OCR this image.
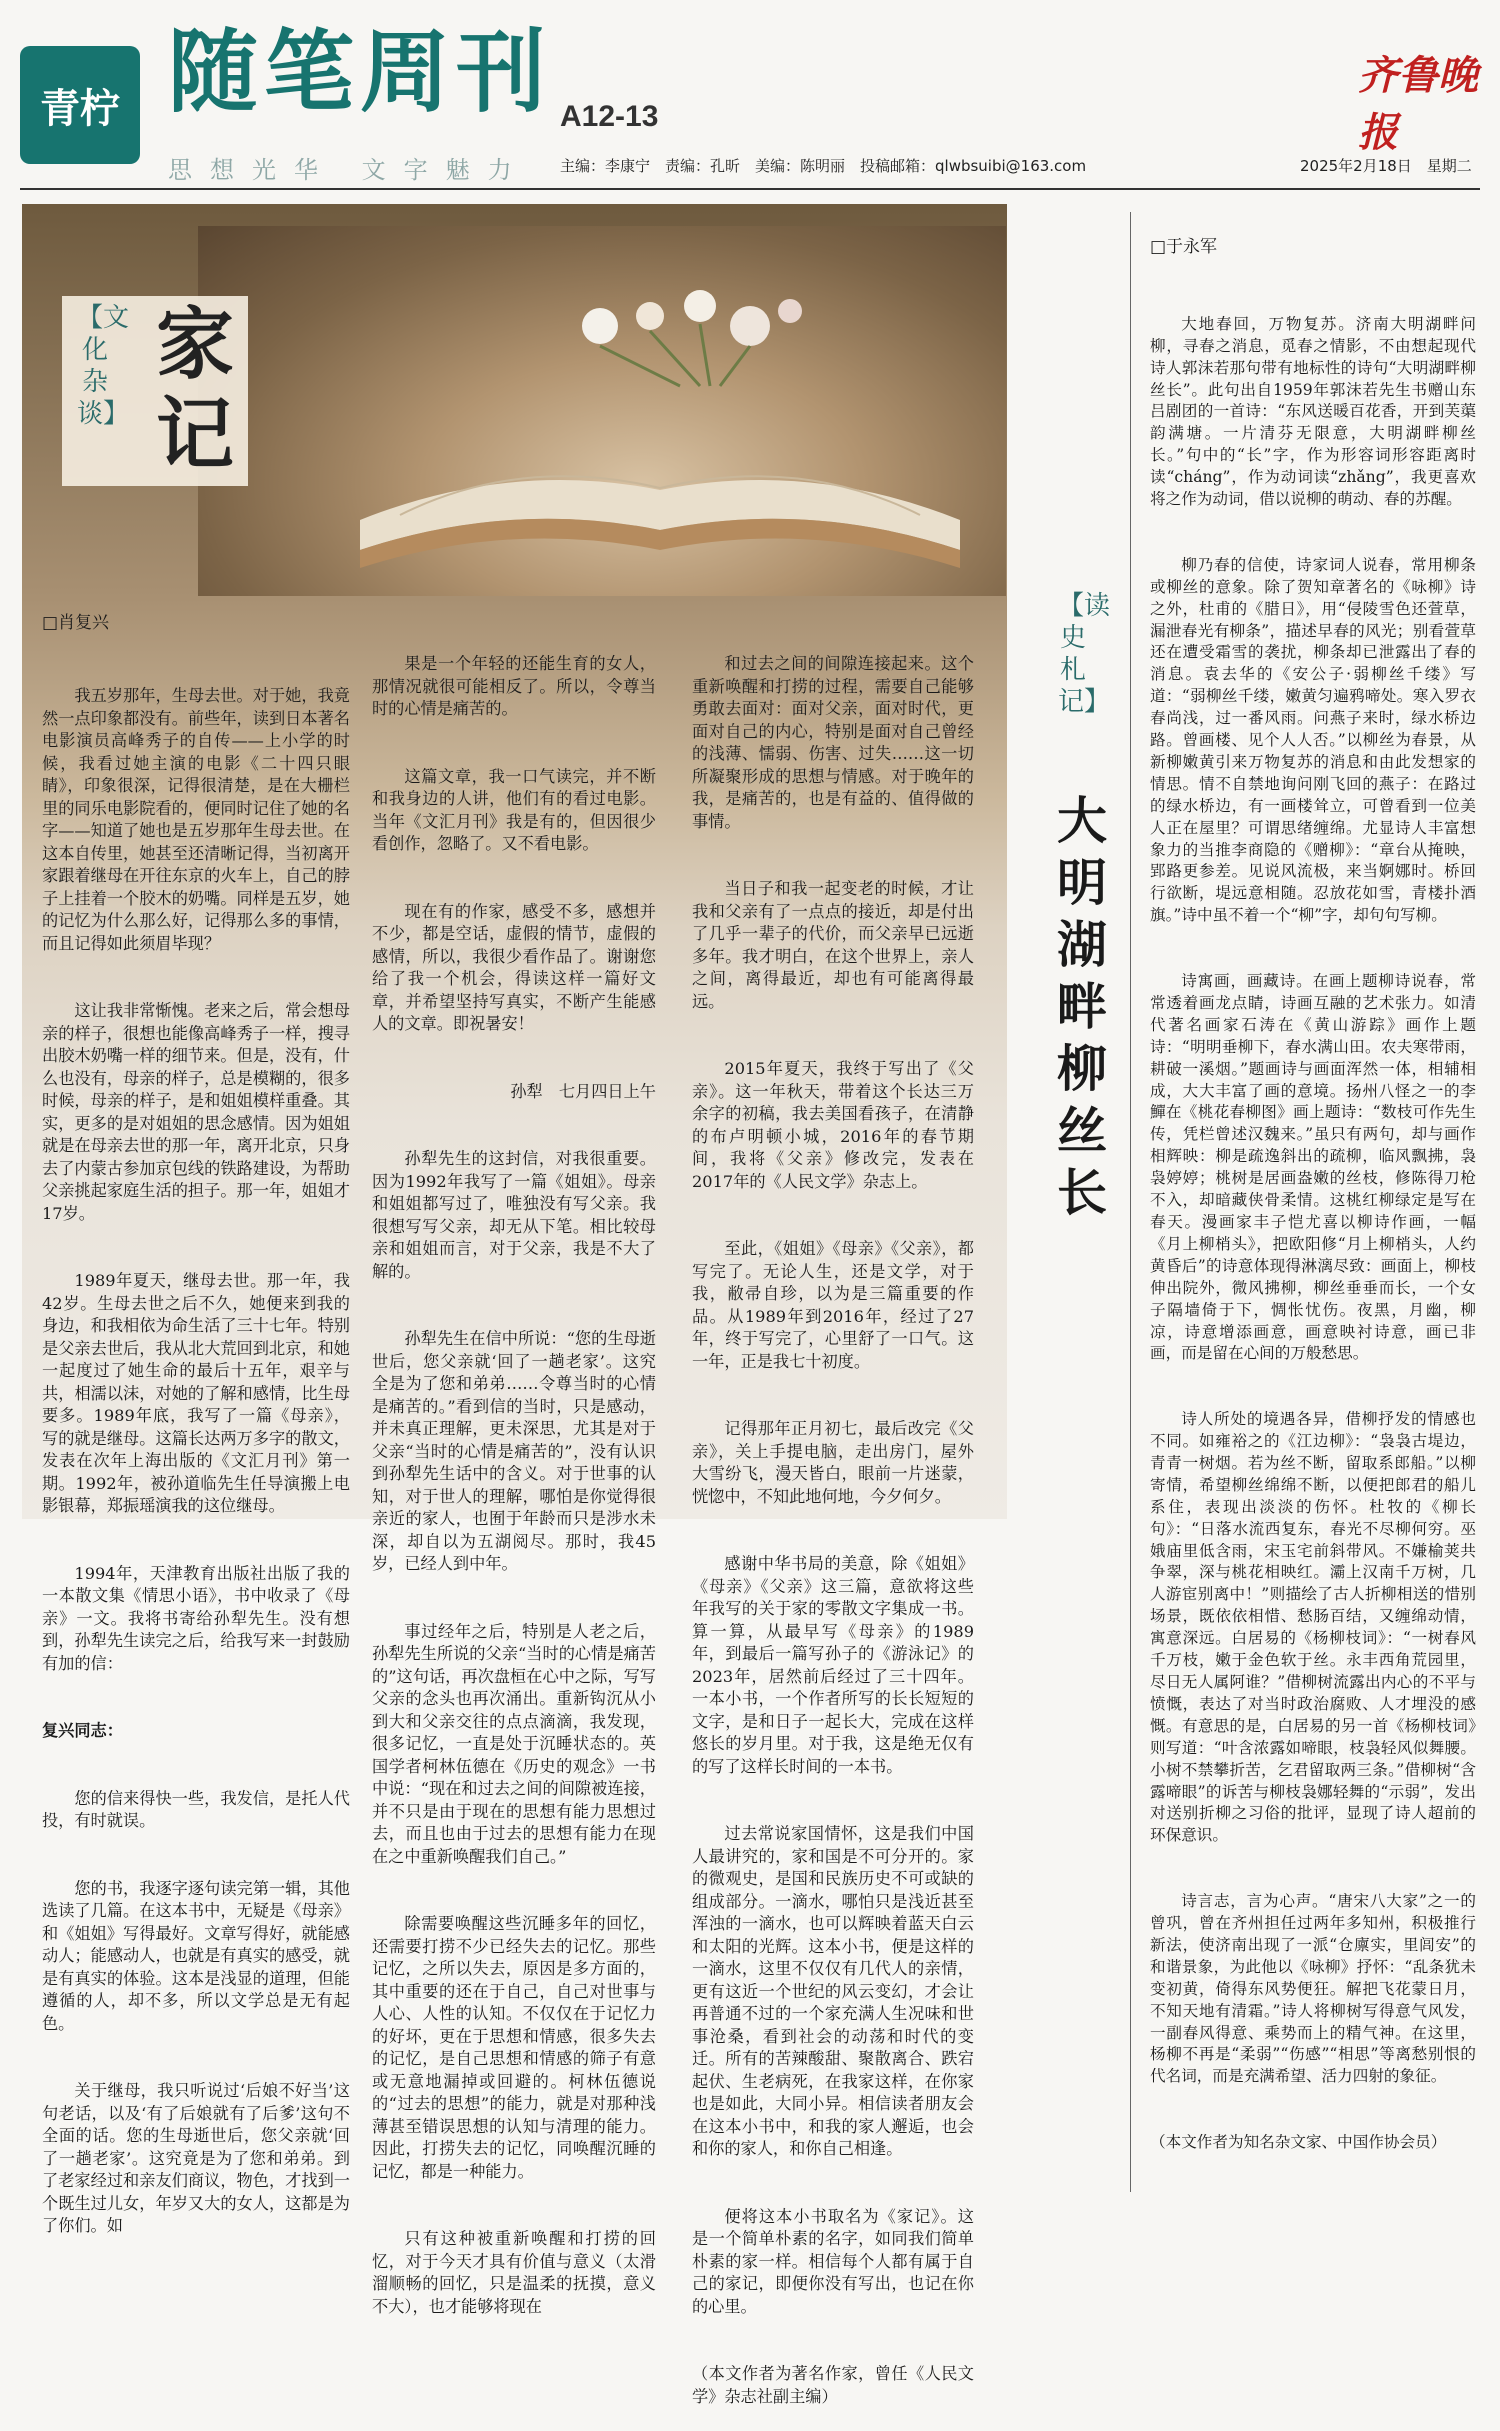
青柠 随笔周刊 A12-13
齐鲁晚报
思想光华 文字魅力 主编：李康宁　责编：孔昕　美编：陈明丽　投稿邮箱：qlwbsuibi@163.com	2025年2月18日　星期二
【文化杂谈】
家记
□肖复兴

我五岁那年，生母去世。对于她，我竟然一点印象都没有。前些年，读到日本著名电影演员高峰秀子的自传——上小学的时候，我看过她主演的电影《二十四只眼睛》，印象很深，记得很清楚，是在大栅栏里的同乐电影院看的，便同时记住了她的名字——知道了她也是五岁那年生母去世。在这本自传里，她甚至还清晰记得，当初离开家跟着继母在开往东京的火车上，自己的脖子上挂着一个胶木的奶嘴。同样是五岁，她的记忆为什么那么好，记得那么多的事情，而且记得如此须眉毕现？

这让我非常惭愧。老来之后，常会想母亲的样子，很想也能像高峰秀子一样，搜寻出胶木奶嘴一样的细节来。但是，没有，什么也没有，母亲的样子，总是模糊的，很多时候，母亲的样子，是和姐姐模样重叠。其实，更多的是对姐姐的思念感情。因为姐姐就是在母亲去世的那一年，离开北京，只身去了内蒙古参加京包线的铁路建设，为帮助父亲挑起家庭生活的担子。那一年，姐姐才17岁。

1989年夏天，继母去世。那一年，我42岁。生母去世之后不久，她便来到我的身边，和我相依为命生活了三十七年。特别是父亲去世后，我从北大荒回到北京，和她一起度过了她生命的最后十五年，艰辛与共，相濡以沫，对她的了解和感情，比生母要多。1989年底，我写了一篇《母亲》，写的就是继母。这篇长达两万多字的散文，发表在次年上海出版的《文汇月刊》第一期。1992年，被孙道临先生任导演搬上电影银幕，郑振瑶演我的这位继母。

1994年，天津教育出版社出版了我的一本散文集《情思小语》，书中收录了《母亲》一文。我将书寄给孙犁先生。没有想到，孙犁先生读完之后，给我写来一封鼓励有加的信：

复兴同志：

您的信来得快一些，我发信，是托人代投，有时就误。

您的书，我逐字逐句读完第一辑，其他选读了几篇。在这本书中，无疑是《母亲》和《姐姐》写得最好。文章写得好，就能感动人；能感动人，也就是有真实的感受，就是有真实的体验。这本是浅显的道理，但能遵循的人，却不多，所以文学总是无有起色。

关于继母，我只听说过‘后娘不好当’这句老话，以及‘有了后娘就有了后爹’这句不全面的话。您的生母逝世后，您父亲就‘回了一趟老家’。这究竟是为了您和弟弟。到了老家经过和亲友们商议，物色，才找到一个既生过儿女，年岁又大的女人，这都是为了你们。如

果是一个年轻的还能生育的女人，那情况就很可能相反了。所以，令尊当时的心情是痛苦的。

这篇文章，我一口气读完，并不断和我身边的人讲，他们有的看过电影。当年《文汇月刊》我是有的，但因很少看创作，忽略了。又不看电影。

现在有的作家，感受不多，感想并不少，都是空话，虚假的情节，虚假的感情，所以，我很少看作品了。谢谢您给了我一个机会，得读这样一篇好文章，并希望坚持写真实，不断产生能感人的文章。即祝暑安！

孙犁　七月四日上午

孙犁先生的这封信，对我很重要。因为1992年我写了一篇《姐姐》。母亲和姐姐都写过了，唯独没有写父亲。我很想写写父亲，却无从下笔。相比较母亲和姐姐而言，对于父亲，我是不大了解的。

孙犁先生在信中所说：“您的生母逝世后，您父亲就‘回了一趟老家’。这究全是为了您和弟弟……令尊当时的心情是痛苦的。”看到信的当时，只是感动，并未真正理解，更未深思，尤其是对于父亲“当时的心情是痛苦的”，没有认识到孙犁先生话中的含义。对于世事的认知，对于世人的理解，哪怕是你觉得很亲近的家人，也囿于年龄而只是涉水未深，却自以为五湖阅尽。那时，我45岁，已经人到中年。

事过经年之后，特别是人老之后，孙犁先生所说的父亲“当时的心情是痛苦的”这句话，再次盘桓在心中之际，写写父亲的念头也再次涌出。重新钩沉从小到大和父亲交往的点点滴滴，我发现，很多记忆，一直是处于沉睡状态的。英国学者柯林伍德在《历史的观念》一书中说：“现在和过去之间的间隙被连接，并不只是由于现在的思想有能力思想过去，而且也由于过去的思想有能力在现在之中重新唤醒我们自己。”

除需要唤醒这些沉睡多年的回忆，还需要打捞不少已经失去的记忆。那些记忆，之所以失去，原因是多方面的，其中重要的还在于自己，自己对世事与人心、人性的认知。不仅仅在于记忆力的好坏，更在于思想和情感，很多失去的记忆，是自己思想和情感的筛子有意或无意地漏掉或回避的。柯林伍德说的“过去的思想”的能力，就是对那种浅薄甚至错误思想的认知与清理的能力。因此，打捞失去的记忆，同唤醒沉睡的记忆，都是一种能力。

只有这种被重新唤醒和打捞的回忆，对于今天才具有价值与意义（太滑溜顺畅的回忆，只是温柔的抚摸，意义不大），也才能够将现在

和过去之间的间隙连接起来。这个重新唤醒和打捞的过程，需要自己能够勇敢去面对：面对父亲，面对时代，更面对自己的内心，特别是面对自己曾经的浅薄、懦弱、伤害、过失……这一切所凝聚形成的思想与情感。对于晚年的我，是痛苦的，也是有益的、值得做的事情。

当日子和我一起变老的时候，才让我和父亲有了一点点的接近，却是付出了几乎一辈子的代价，而父亲早已远逝多年。我才明白，在这个世界上，亲人之间，离得最近，却也有可能离得最远。

2015年夏天，我终于写出了《父亲》。这一年秋天，带着这个长达三万余字的初稿，我去美国看孩子，在清静的布卢明顿小城，2016年的春节期间，我将《父亲》修改完，发表在2017年的《人民文学》杂志上。

至此，《姐姐》《母亲》《父亲》，都写完了。无论人生，还是文学，对于我，敝帚自珍，以为是三篇重要的作品。从1989年到2016年，经过了27年，终于写完了，心里舒了一口气。这一年，正是我七十初度。

记得那年正月初七，最后改完《父亲》，关上手提电脑，走出房门，屋外大雪纷飞，漫天皆白，眼前一片迷蒙，恍惚中，不知此地何地，今夕何夕。

感谢中华书局的美意，除《姐姐》《母亲》《父亲》这三篇，意欲将这些年我写的关于家的零散文字集成一书。算一算，从最早写《母亲》的1989年，到最后一篇写孙子的《游泳记》的2023年，居然前后经过了三十四年。一本小书，一个作者所写的长长短短的文字，是和日子一起长大，完成在这样悠长的岁月里。对于我，这是绝无仅有的写了这样长时间的一本书。

过去常说家国情怀，这是我们中国人最讲究的，家和国是不可分开的。家的微观史，是国和民族历史不可或缺的组成部分。一滴水，哪怕只是浅近甚至浑浊的一滴水，也可以辉映着蓝天白云和太阳的光辉。这本小书，便是这样的一滴水，这里不仅仅有几代人的亲情，更有这近一个世纪的风云变幻，才会让再普通不过的一个家充满人生况味和世事沧桑，看到社会的动荡和时代的变迁。所有的苦辣酸甜、聚散离合、跌宕起伏、生老病死，在我家这样，在你家也是如此，大同小异。相信读者朋友会在这本小书中，和我的家人邂逅，也会和你的家人，和你自己相逢。

便将这本小书取名为《家记》。这是一个简单朴素的名字，如同我们简单朴素的家一样。相信每个人都有属于自己的家记，即便你没有写出，也记在你的心里。

（本文作者为著名作家，曾任《人民文学》杂志社副主编）

【读史札记】
大明湖畔柳丝长
□于永军

大地春回，万物复苏。济南大明湖畔问柳，寻春之消息，觅春之情影，不由想起现代诗人郭沫若那句带有地标性的诗句“大明湖畔柳丝长”。此句出自1959年郭沫若先生书赠山东吕剧团的一首诗：“东风送暖百花香，开到芙蕖韵满塘。一片清芬无限意，大明湖畔柳丝长。”句中的“长”字，作为形容词形容距离时读“cháng”，作为动词读“zhǎng”，我更喜欢将之作为动词，借以说柳的萌动、春的苏醒。

柳乃春的信使，诗家词人说春，常用柳条或柳丝的意象。除了贺知章著名的《咏柳》诗之外，杜甫的《腊日》，用“侵陵雪色还萱草，漏泄春光有柳条”，描述早春的风光；别看萱草还在遭受霜雪的袭扰，柳条却已泄露出了春的消息。袁去华的《安公子·弱柳丝千缕》写道：“弱柳丝千缕，嫩黄匀遍鸦啼处。寒入罗衣春尚浅，过一番风雨。问燕子来时，绿水桥边路。曾画楼、见个人人否。”以柳丝为春景，从新柳嫩黄引来万物复苏的消息和由此发想家的情思。情不自禁地询问刚飞回的燕子：在路过的绿水桥边，有一画楼耸立，可曾看到一位美人正在屋里？可谓思绪缠绵。尤显诗人丰富想象力的当推李商隐的《赠柳》：“章台从掩映，郢路更参差。见说风流极，来当婀娜时。桥回行欲断，堤远意相随。忍放花如雪，青楼扑酒旗。”诗中虽不着一个“柳”字，却句句写柳。

诗寓画，画藏诗。在画上题柳诗说春，常常透着画龙点睛，诗画互融的艺术张力。如清代著名画家石涛在《黄山游踪》画作上题诗：“明明垂柳下，春水满山田。农夫寒带雨，耕破一溪烟。”题画诗与画面浑然一体，相辅相成，大大丰富了画的意境。扬州八怪之一的李鱓在《桃花春柳图》画上题诗：“数枝可作先生传，凭栏曾述汉魏来。”虽只有两句，却与画作相辉映：柳是疏逸斜出的疏柳，临风飘拂，袅袅婷婷；桃树是居画盎嫩的丝枝，修陈得刀枪不入，却暗藏侠骨柔情。这桃红柳绿定是写在春天。漫画家丰子恺尤喜以柳诗作画，一幅《月上柳梢头》，把欧阳修“月上柳梢头，人约黄昏后”的诗意体现得淋漓尽致：画面上，柳枝伸出院外，微风拂柳，柳丝垂垂而长，一个女子隔墙倚于下，惆怅忧伤。夜黑，月幽，柳凉，诗意增添画意，画意映衬诗意，画已非画，而是留在心间的万般愁思。

诗人所处的境遇各异，借柳抒发的情感也不同。如雍裕之的《江边柳》：“袅袅古堤边，青青一树烟。若为丝不断，留取系郎船。”以柳寄情，希望柳丝绵绵不断，以便把郎君的船儿系住，表现出淡淡的伤怀。杜牧的《柳长句》：“日落水流西复东，春光不尽柳何穷。巫娥庙里低含雨，宋玉宅前斜带风。不嫌榆荚共争翠，深与桃花相映红。灞上汉南千万树，几人游宦别离中！”则描绘了古人折柳相送的惜别场景，既依依相惜、愁肠百结，又缠绵动情，寓意深远。白居易的《杨柳枝词》：“一树春风千万枝，嫩于金色软于丝。永丰西角荒园里，尽日无人属阿谁？”借柳树流露出内心的不平与愤慨，表达了对当时政治腐败、人才埋没的感慨。有意思的是，白居易的另一首《杨柳枝词》则写道：“叶含浓露如啼眼，枝袅轻风似舞腰。小树不禁攀折苦，乞君留取两三条。”借柳树“含露啼眼”的诉苦与柳枝袅娜轻舞的“示弱”，发出对送别折柳之习俗的批评，显现了诗人超前的环保意识。

诗言志，言为心声。“唐宋八大家”之一的曾巩，曾在齐州担任过两年多知州，积极推行新法，使济南出现了一派“仓廪实，里闾安”的和谐景象，为此他以《咏柳》抒怀：“乱条犹未变初黄，倚得东风势便狂。解把飞花蒙日月，不知天地有清霜。”诗人将柳树写得意气风发，一副春风得意、乘势而上的精气神。在这里，杨柳不再是“柔弱”“伤感”“相思”等离愁别恨的代名词，而是充满希望、活力四射的象征。

（本文作者为知名杂文家、中国作协会员）
